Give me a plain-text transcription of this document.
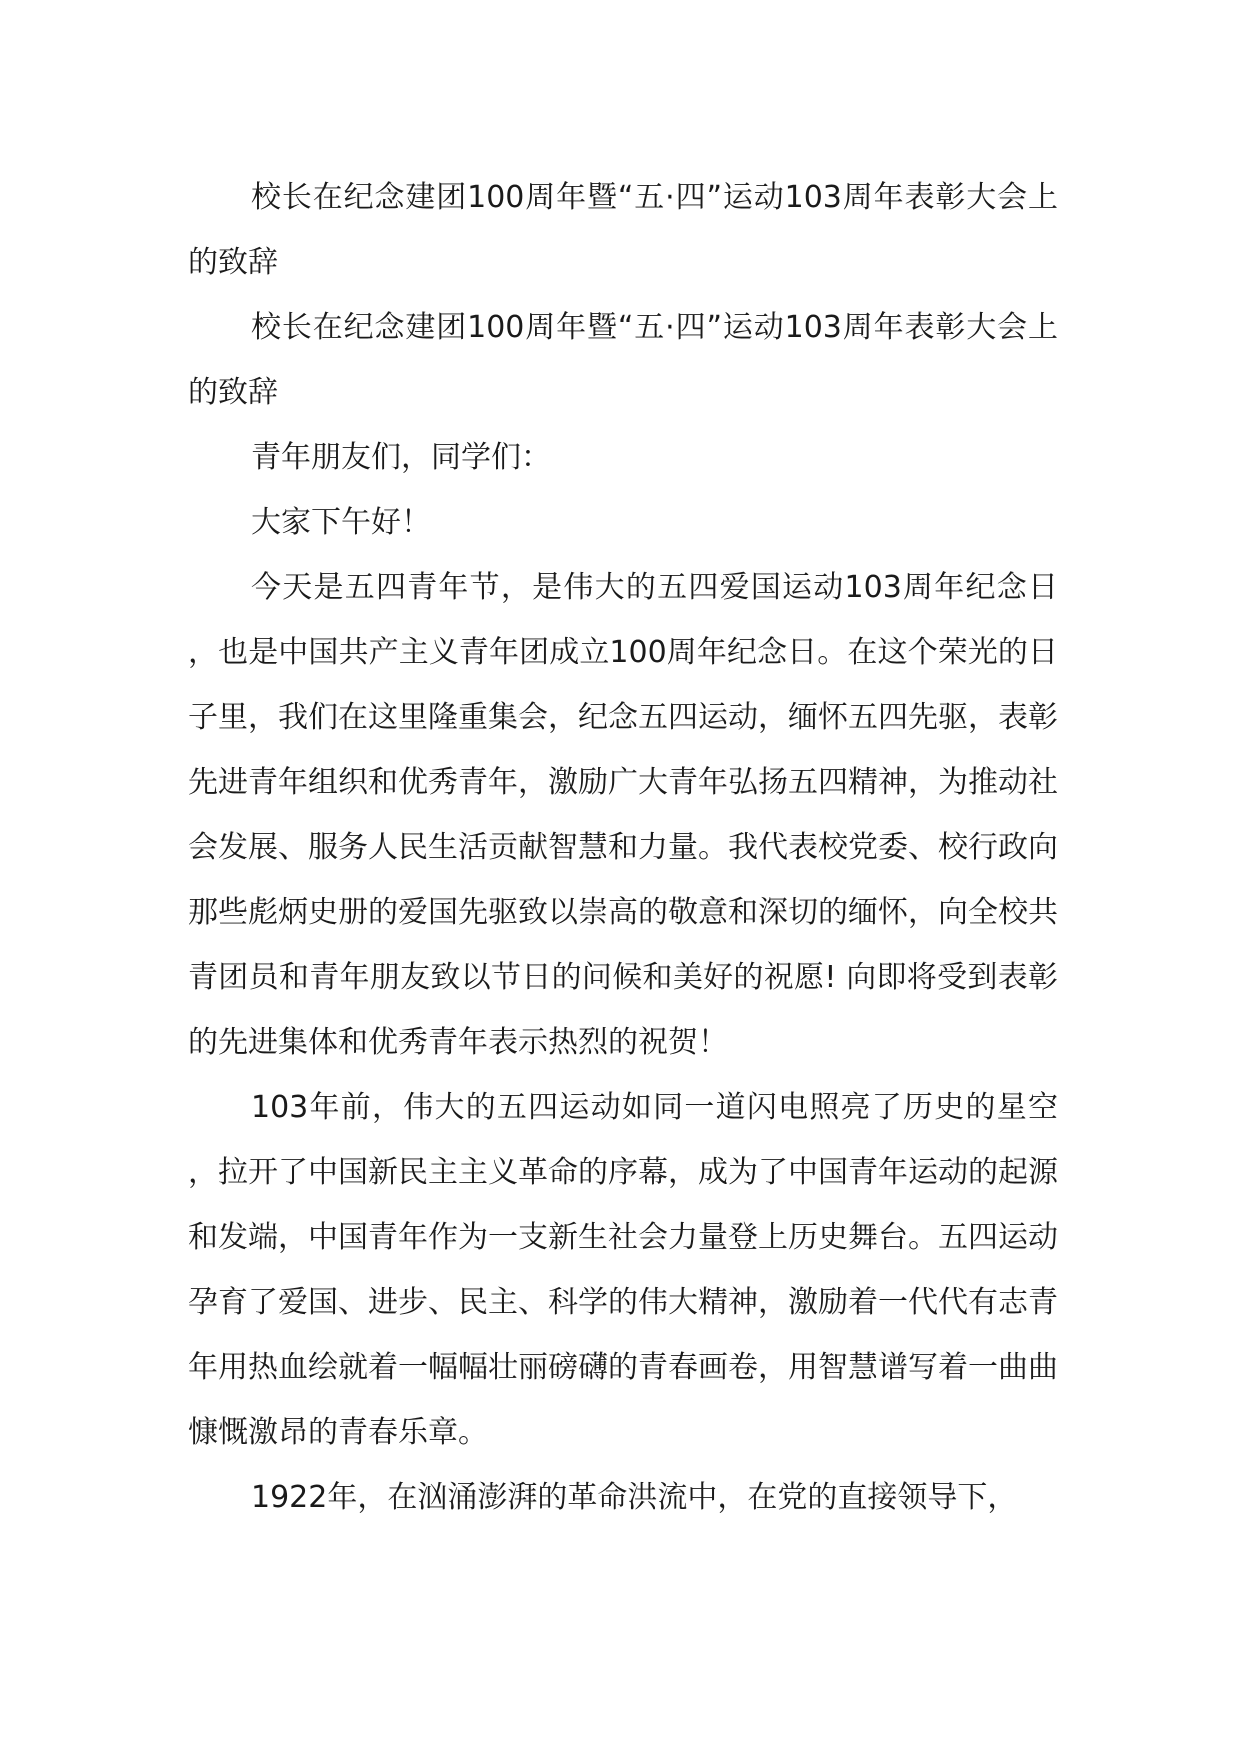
校长在纪念建团100周年暨“五·四”运动103周年表彰大会上的致辞

校长在纪念建团100周年暨“五·四”运动103周年表彰大会上的致辞

青年朋友们，同学们：

大家下午好！

今天是五四青年节，是伟大的五四爱国运动103周年纪念日，也是中国共产主义青年团成立100周年纪念日。在这个荣光的日子里，我们在这里隆重集会，纪念五四运动，缅怀五四先驱，表彰先进青年组织和优秀青年，激励广大青年弘扬五四精神，为推动社会发展、服务人民生活贡献智慧和力量。我代表校党委、校行政向那些彪炳史册的爱国先驱致以崇高的敬意和深切的缅怀，向全校共青团员和青年朋友致以节日的问候和美好的祝愿! 向即将受到表彰的先进集体和优秀青年表示热烈的祝贺！

103年前，伟大的五四运动如同一道闪电照亮了历史的星空，拉开了中国新民主主义革命的序幕，成为了中国青年运动的起源和发端，中国青年作为一支新生社会力量登上历史舞台。五四运动孕育了爱国、进步、民主、科学的伟大精神，激励着一代代有志青年用热血绘就着一幅幅壮丽磅礴的青春画卷，用智慧谱写着一曲曲慷慨激昂的青春乐章。

1922年，在汹涌澎湃的革命洪流中，在党的直接领导下，
